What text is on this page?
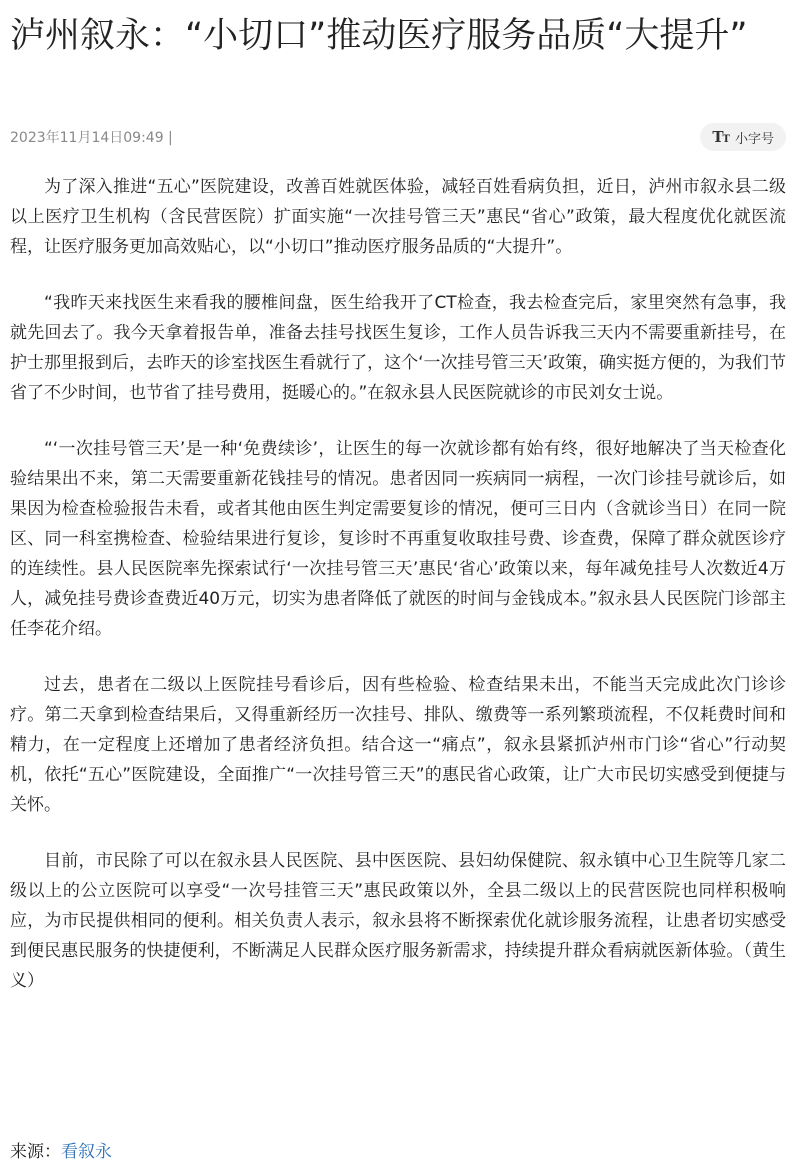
泸州叙永：“小切口”推动医疗服务品质“大提升”
2023年11月14日09:49 |	TT 小字号

为了深入推进“五心”医院建设，改善百姓就医体验，减轻百姓看病负担，近日，泸州市叙永县二级以上医疗卫生机构（含民营医院）扩面实施“一次挂号管三天”惠民“省心”政策，最大程度优化就医流程，让医疗服务更加高效贴心，以“小切口”推动医疗服务品质的“大提升”。

“我昨天来找医生来看我的腰椎间盘，医生给我开了CT检查，我去检查完后，家里突然有急事，我就先回去了。我今天拿着报告单，准备去挂号找医生复诊，工作人员告诉我三天内不需要重新挂号，在护士那里报到后，去昨天的诊室找医生看就行了，这个‘一次挂号管三天’政策，确实挺方便的，为我们节省了不少时间，也节省了挂号费用，挺暖心的。”在叙永县人民医院就诊的市民刘女士说。

“‘一次挂号管三天’是一种‘免费续诊’，让医生的每一次就诊都有始有终，很好地解决了当天检查化验结果出不来，第二天需要重新花钱挂号的情况。患者因同一疾病同一病程，一次门诊挂号就诊后，如果因为检查检验报告未看，或者其他由医生判定需要复诊的情况，便可三日内（含就诊当日）在同一院区、同一科室携检查、检验结果进行复诊，复诊时不再重复收取挂号费、诊查费，保障了群众就医诊疗的连续性。县人民医院率先探索试行‘一次挂号管三天’惠民‘省心’政策以来，每年减免挂号人次数近4万人，减免挂号费诊查费近40万元，切实为患者降低了就医的时间与金钱成本。”叙永县人民医院门诊部主任李花介绍。

过去，患者在二级以上医院挂号看诊后，因有些检验、检查结果未出，不能当天完成此次门诊诊疗。第二天拿到检查结果后，又得重新经历一次挂号、排队、缴费等一系列繁琐流程，不仅耗费时间和精力，在一定程度上还增加了患者经济负担。结合这一“痛点”，叙永县紧抓泸州市门诊“省心”行动契机，依托“五心”医院建设，全面推广“一次挂号管三天”的惠民省心政策，让广大市民切实感受到便捷与关怀。

目前，市民除了可以在叙永县人民医院、县中医医院、县妇幼保健院、叙永镇中心卫生院等几家二级以上的公立医院可以享受“一次号挂管三天”惠民政策以外，全县二级以上的民营医院也同样积极响应，为市民提供相同的便利。相关负责人表示，叙永县将不断探索优化就诊服务流程，让患者切实感受到便民惠民服务的快捷便利，不断满足人民群众医疗服务新需求，持续提升群众看病就医新体验。（黄生义）

来源：看叙永
